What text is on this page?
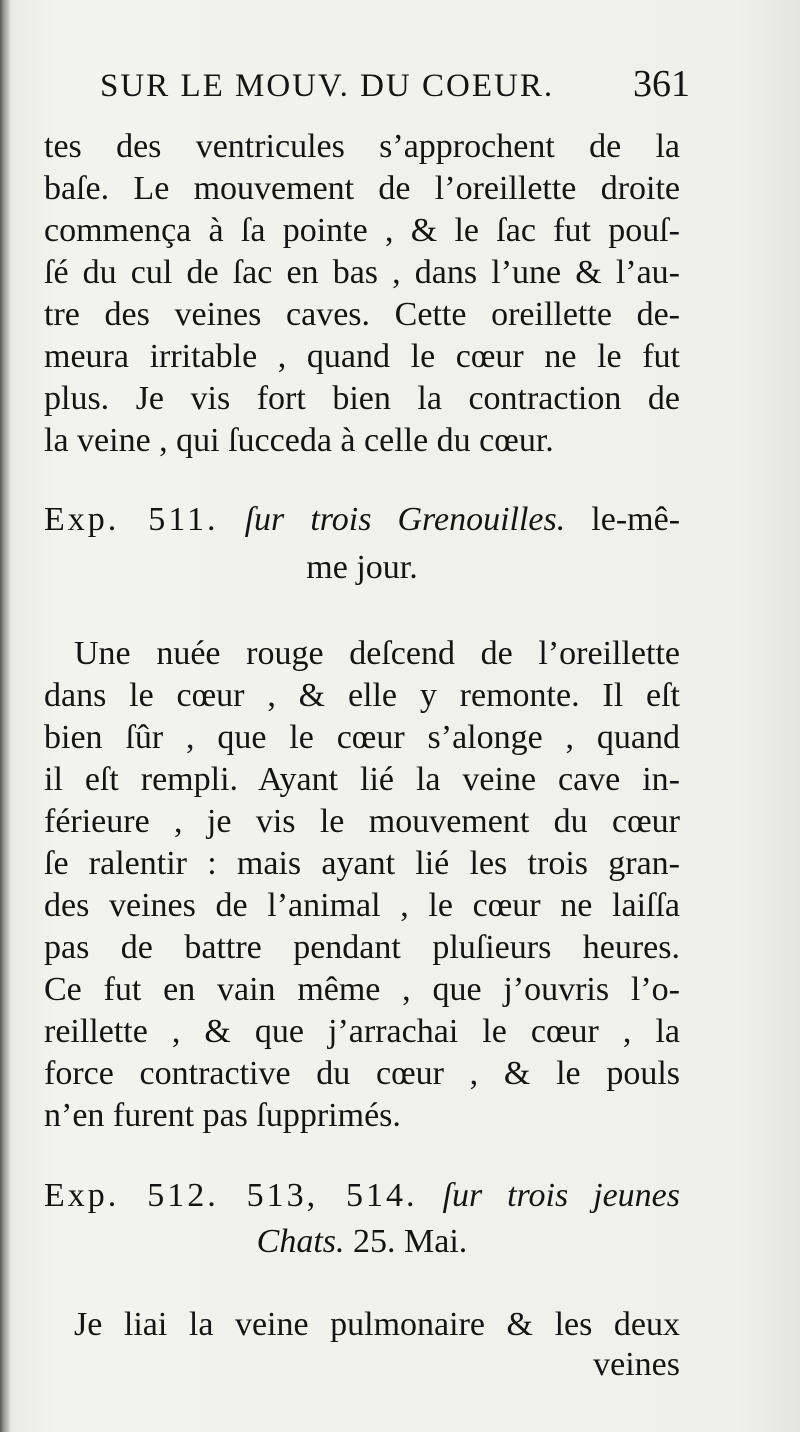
SUR LE MOUV. DU COEUR. 361
tes des ventricules s’approchent de la
baſe. Le mouvement de l’oreillette droite
commença à ſa pointe , & le ſac fut pouſ-
ſé du cul de ſac en bas , dans l’une & l’au-
tre des veines caves. Cette oreillette de-
meura irritable , quand le cœur ne le fut
plus. Je vis fort bien la contraction de
la veine , qui ſucceda à celle du cœur.
Exp. 511. ſur trois Grenouilles. le-mê-
me jour.
Une nuée rouge deſcend de l’oreillette
dans le cœur , & elle y remonte. Il eſt
bien ſûr , que le cœur s’alonge , quand
il eſt rempli. Ayant lié la veine cave in-
férieure , je vis le mouvement du cœur
ſe ralentir : mais ayant lié les trois gran-
des veines de l’animal , le cœur ne laiſſa
pas de battre pendant pluſieurs heures.
Ce fut en vain même , que j’ouvris l’o-
reillette , & que j’arrachai le cœur , la
force contractive du cœur , & le pouls
n’en furent pas ſupprimés.
Exp. 512. 513, 514. ſur trois jeunes
Chats. 25. Mai.
Je liai la veine pulmonaire & les deux
veines
